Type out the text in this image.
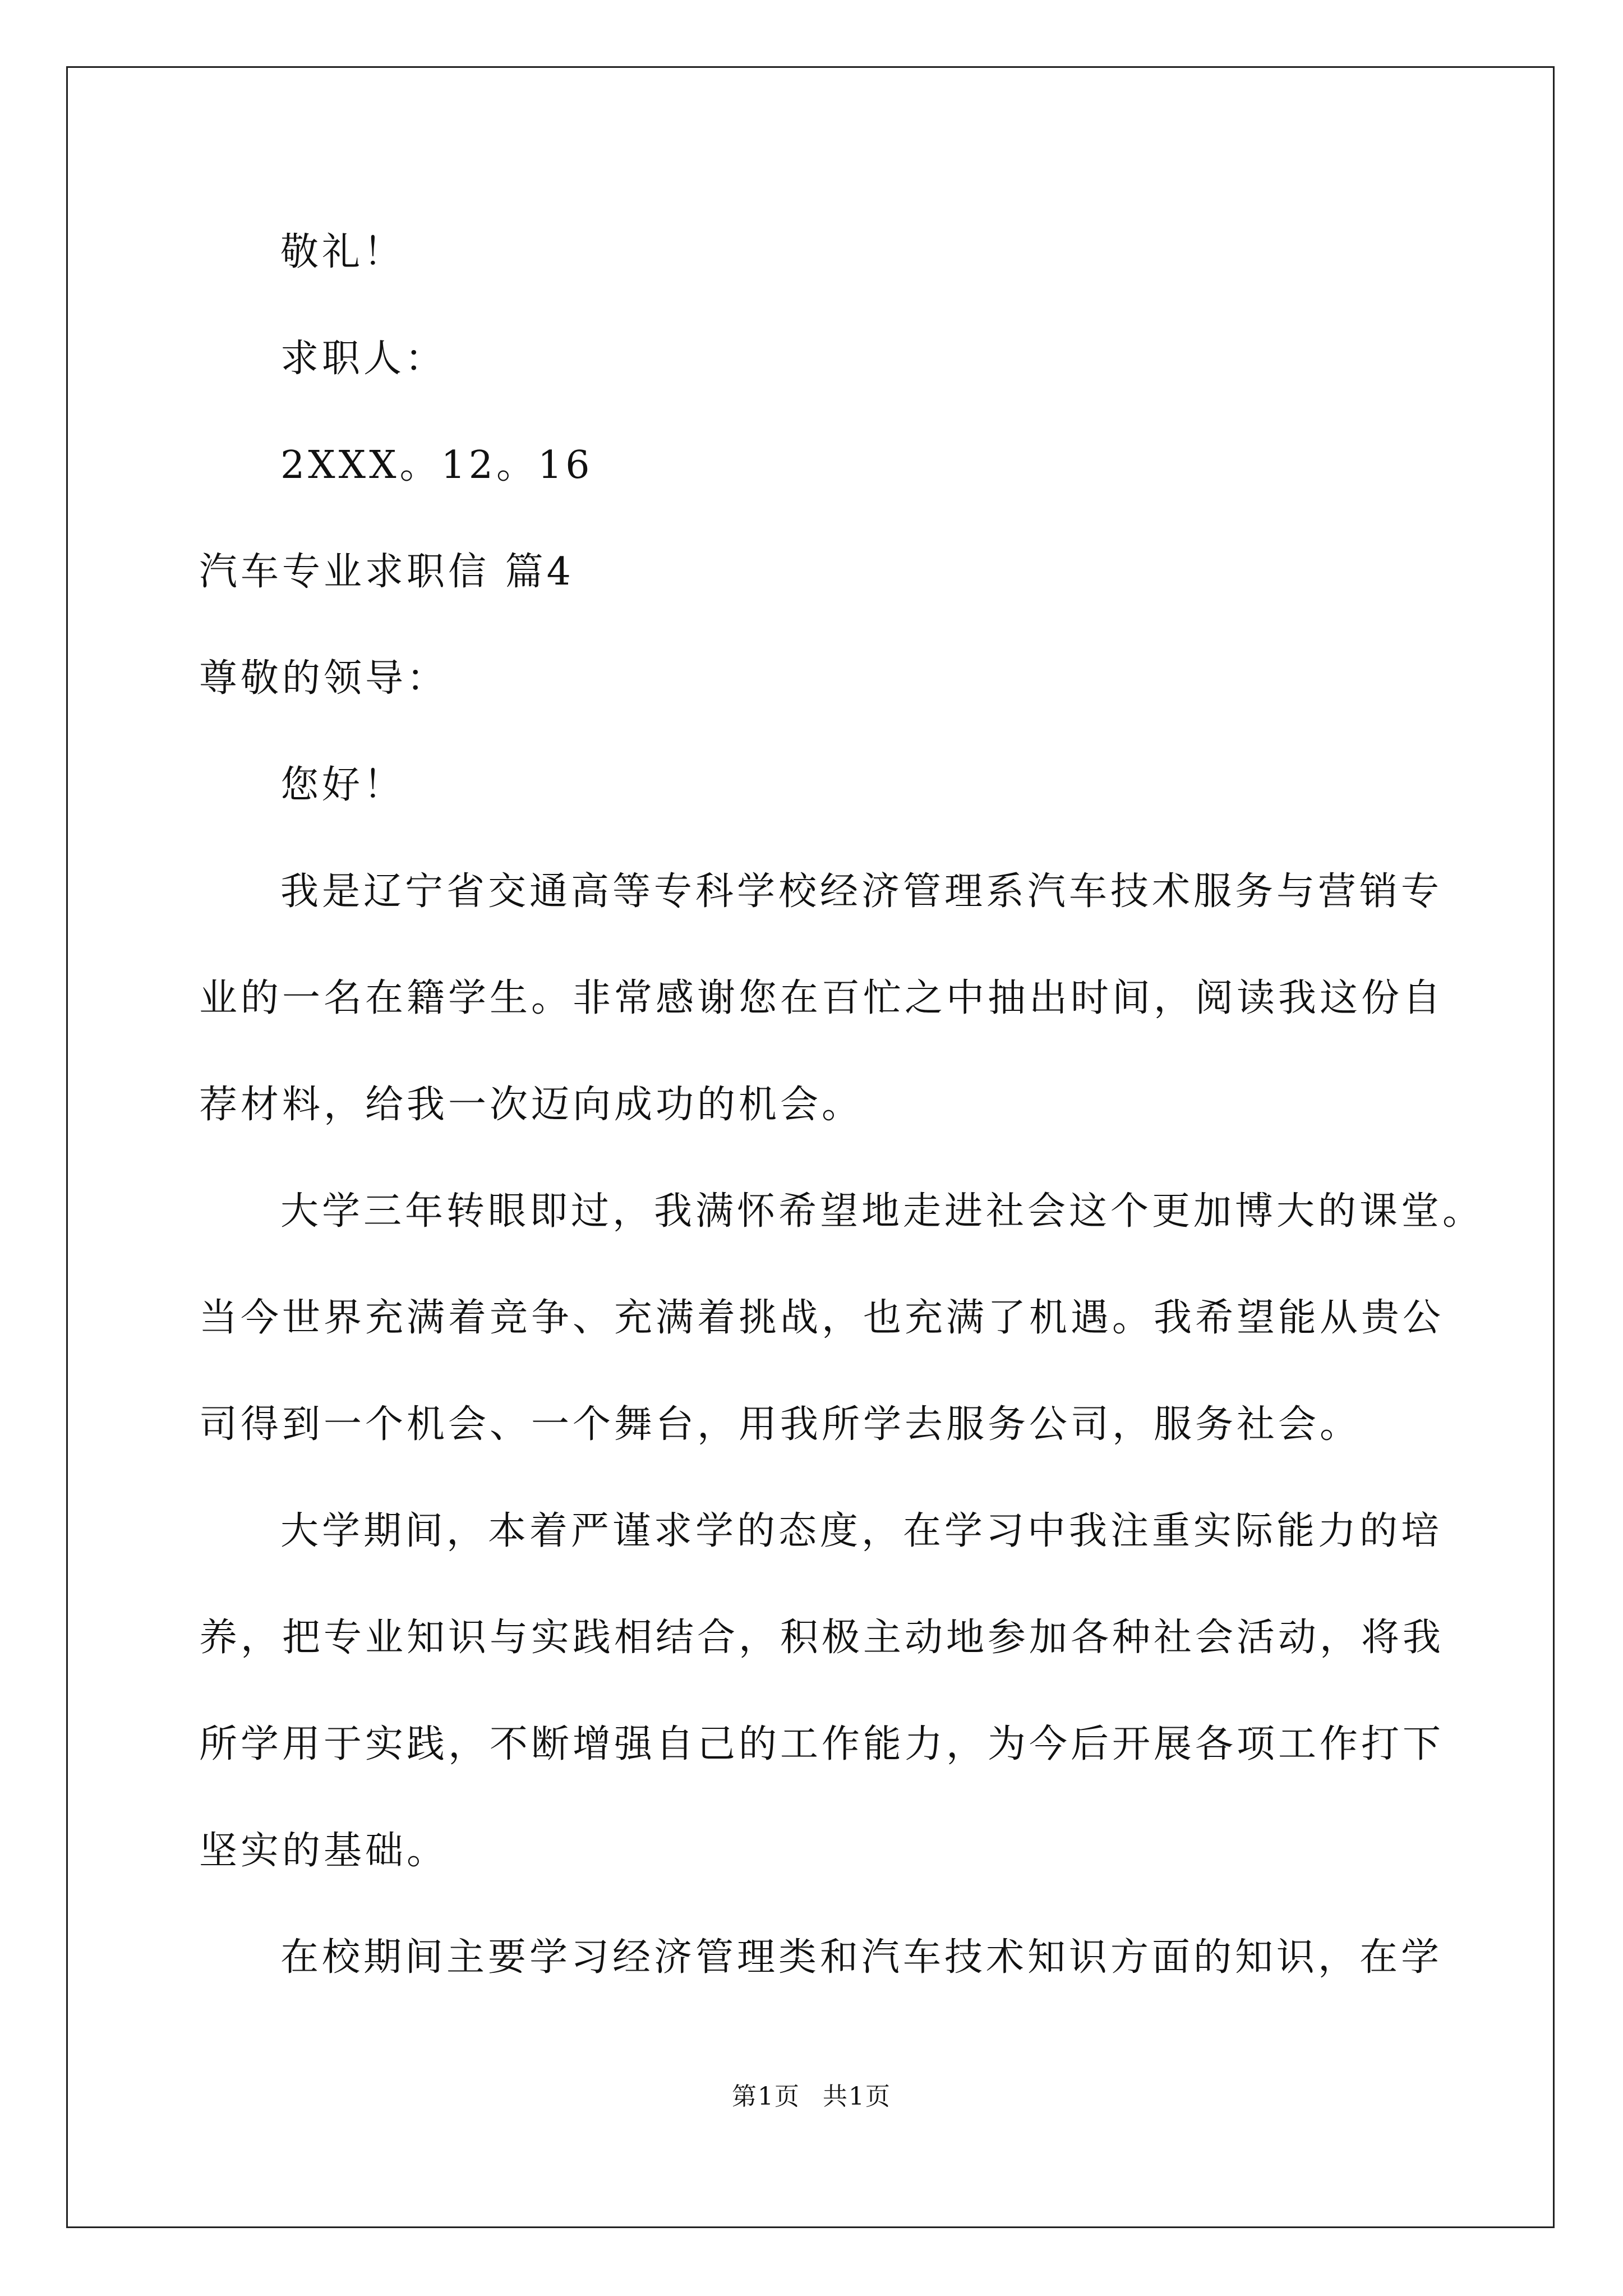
敬礼！
求职人：
2XXX。12。16
汽车专业求职信 篇4
尊敬的领导：
您好！
我是辽宁省交通高等专科学校经济管理系汽车技术服务与营销专
业的一名在籍学生。非常感谢您在百忙之中抽出时间，阅读我这份自
荐材料，给我一次迈向成功的机会。
大学三年转眼即过，我满怀希望地走进社会这个更加博大的课堂。
当今世界充满着竞争、充满着挑战，也充满了机遇。我希望能从贵公
司得到一个机会、一个舞台，用我所学去服务公司，服务社会。
大学期间，本着严谨求学的态度，在学习中我注重实际能力的培
养，把专业知识与实践相结合，积极主动地参加各种社会活动，将我
所学用于实践，不断增强自己的工作能力，为今后开展各项工作打下
坚实的基础。
在校期间主要学习经济管理类和汽车技术知识方面的知识，在学
第1页 共1页
